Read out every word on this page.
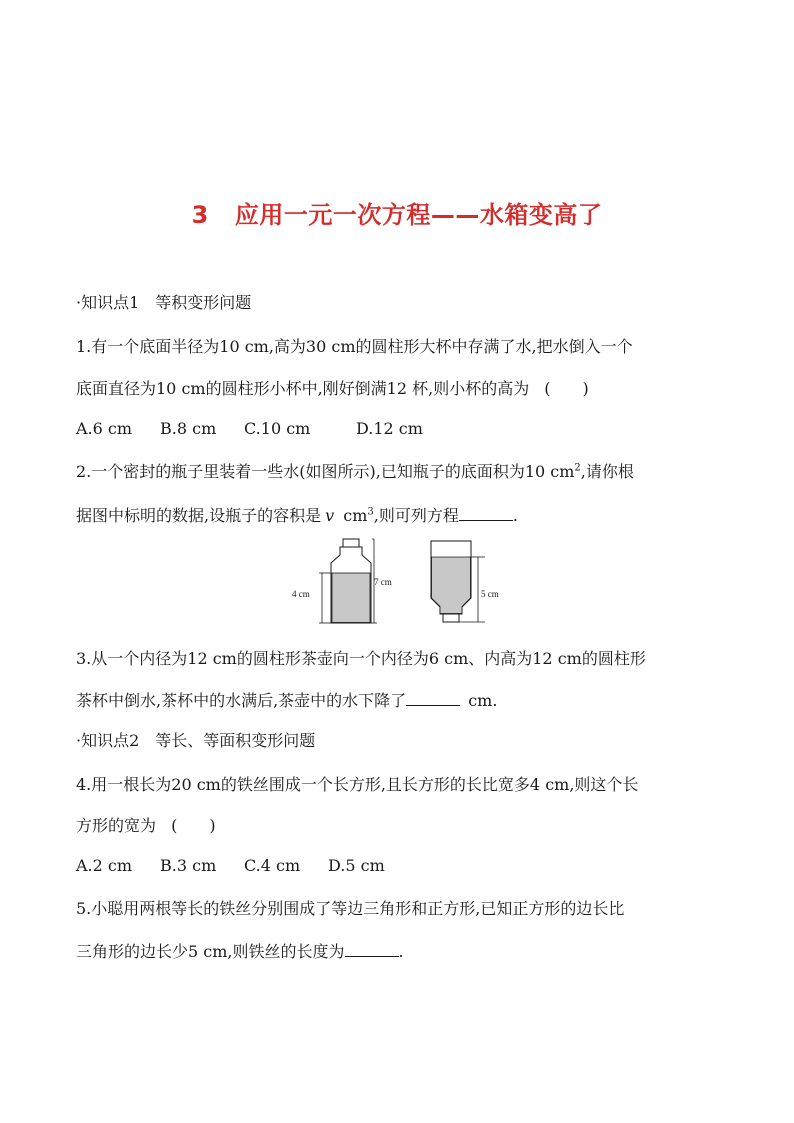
3 应用一元一次方程——水箱变高了
·知识点1　等积变形问题
1.有一个底面半径为10 cm,高为30 cm的圆柱形大杯中存满了水,把水倒入一个
底面直径为10 cm的圆柱形小杯中,刚好倒满12 杯,则小杯的高为 (　　)
A.6 cm B.8 cm C.10 cm	D.12 cm
2.一个密封的瓶子里装着一些水(如图所示),已知瓶子的底面积为10 $cm^2$,请你根
据图中标明的数据,设瓶子的容积是 v $cm^3$,则可列方程	.
4 cm
7 cm
5 cm
3.从一个内径为12 cm的圆柱形茶壶向一个内径为6 cm、内高为12 cm的圆柱形
茶杯中倒水,茶杯中的水满后,茶壶中的水下降了	cm.
·知识点2　等长、等面积变形问题
4.用一根长为20 cm的铁丝围成一个长方形,且长方形的长比宽多4 cm,则这个长
方形的宽为 (　　)
A.2 cm B.3 cm C.4 cm D.5 cm
5.小聪用两根等长的铁丝分别围成了等边三角形和正方形,已知正方形的边长比
三角形的边长少5 cm,则铁丝的长度为	.
